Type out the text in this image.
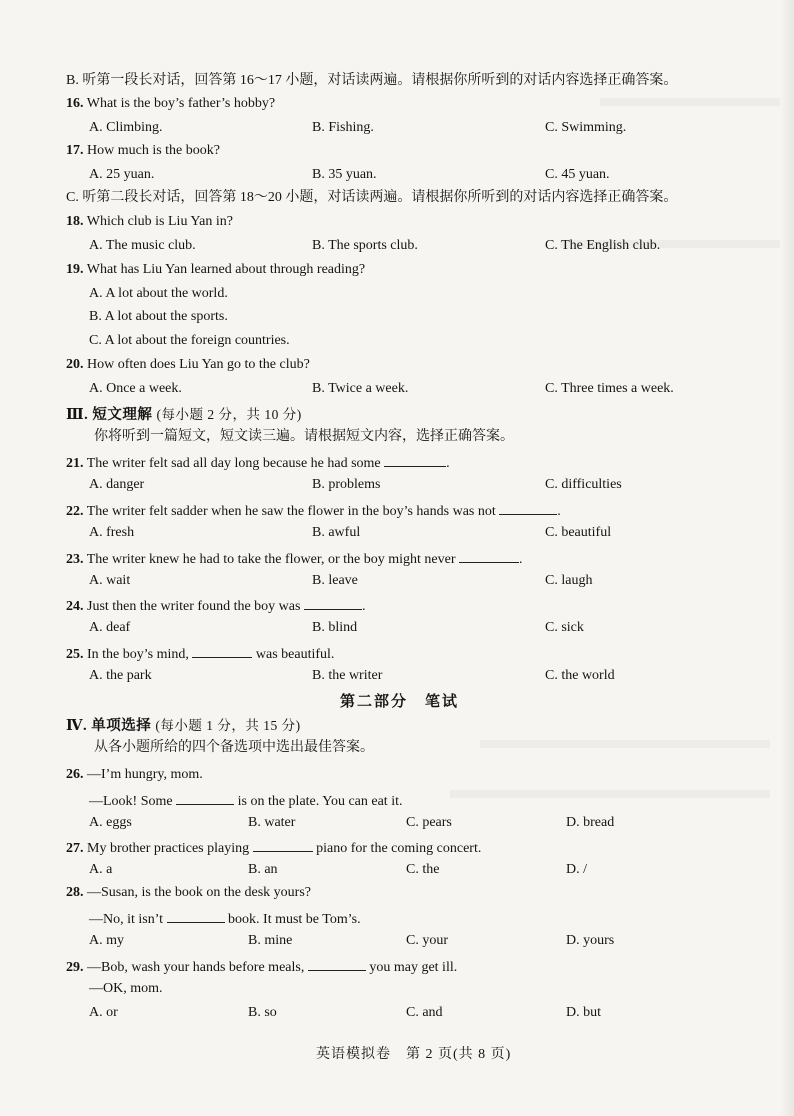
B. 听第一段长对话，回答第 16～17 小题，对话读两遍。请根据你所听到的对话内容选择正确答案。
16. What is the boy’s father’s hobby?
A. Climbing.	B. Fishing.	C. Swimming.
17. How much is the book?
A. 25 yuan.	B. 35 yuan.	C. 45 yuan.
C. 听第二段长对话，回答第 18～20 小题，对话读两遍。请根据你所听到的对话内容选择正确答案。
18. Which club is Liu Yan in?
A. The music club.	B. The sports club.	C. The English club.
19. What has Liu Yan learned about through reading?
A. A lot about the world.
B. A lot about the sports.
C. A lot about the foreign countries.
20. How often does Liu Yan go to the club?
A. Once a week.	B. Twice a week.	C. Three times a week.
Ⅲ. 短文理解 (每小题 2 分，共 10 分)
你将听到一篇短文，短文读三遍。请根据短文内容，选择正确答案。
21. The writer felt sad all day long because he had some	.
A. danger	B. problems	C. difficulties
22. The writer felt sadder when he saw the flower in the boy’s hands was not	.
A. fresh	B. awful	C. beautiful
23. The writer knew he had to take the flower, or the boy might never	.
A. wait	B. leave	C. laugh
24. Just then the writer found the boy was	.
A. deaf	B. blind	C. sick
25. In the boy’s mind,	was beautiful.
A. the park	B. the writer	C. the world
第二部分　笔试
Ⅳ. 单项选择 (每小题 1 分，共 15 分)
从各小题所给的四个备选项中选出最佳答案。
26. —I’m hungry, mom.
—Look! Some	is on the plate. You can eat it.
A. eggs	B. water	C. pears	D. bread
27. My brother practices playing	piano for the coming concert.
A. a	B. an	C. the	D. /
28. —Susan, is the book on the desk yours?
—No, it isn’t	book. It must be Tom’s.
A. my	B. mine	C. your	D. yours
29. —Bob, wash your hands before meals,	you may get ill.
—OK, mom.
A. or	B. so	C. and	D. but
英语模拟卷　第 2 页(共 8 页)
